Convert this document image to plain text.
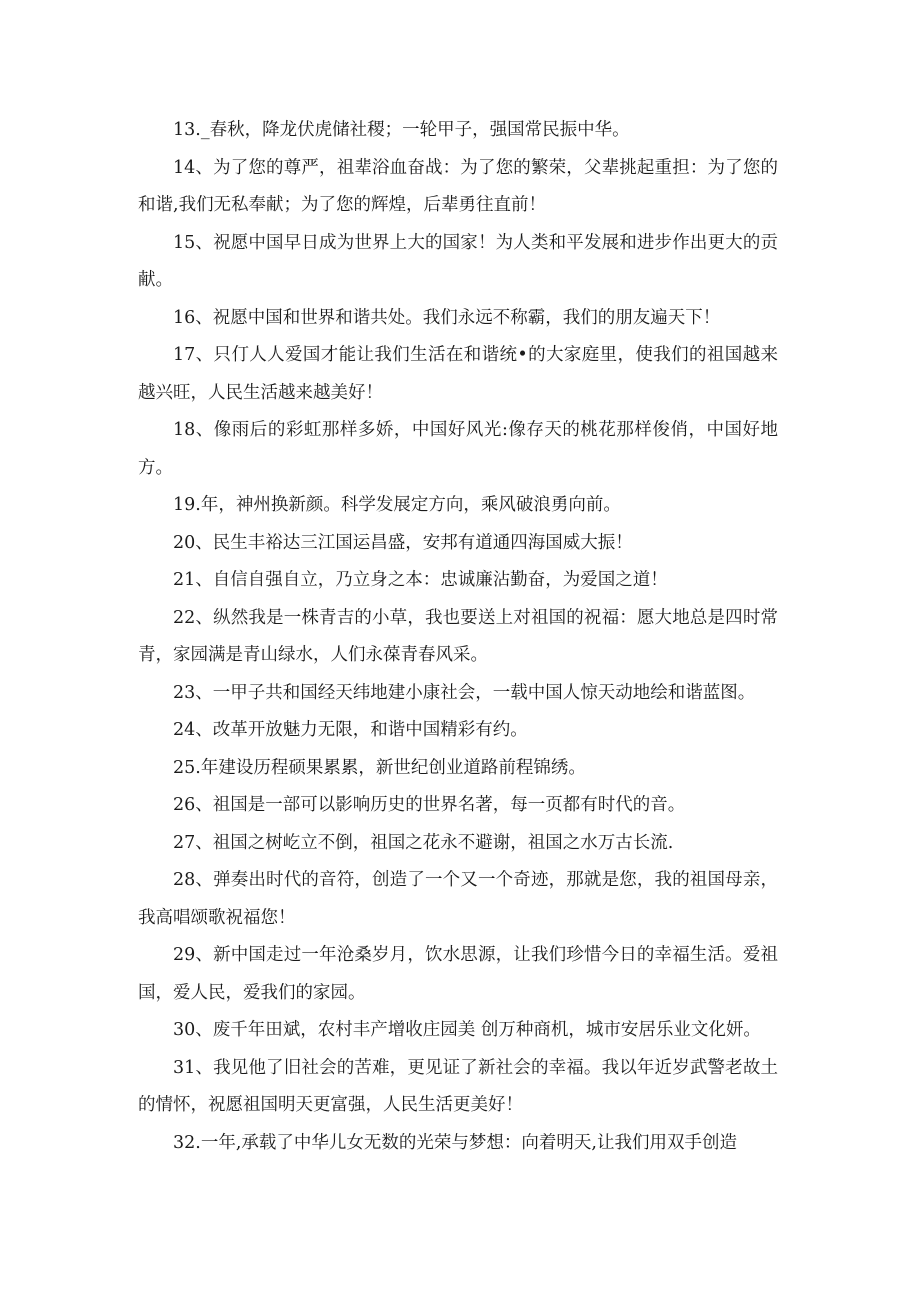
13._春秋，降龙伏虎储社稷；一轮甲子，强国常民振中华。

14、为了您的尊严，祖辈浴血奋战：为了您的繁荣，父辈挑起重担：为了您的和谐,我们无私奉献；为了您的辉煌，后辈勇往直前！

15、祝愿中国早日成为世界上大的国家！为人类和平发展和进步作出更大的贡献。

16、祝愿中国和世界和谐共处。我们永远不称霸，我们的朋友遍天下！

17、只仃人人爱国才能让我们生活在和谐统•的大家庭里，使我们的祖国越来越兴旺，人民生活越来越美好！

18、像雨后的彩虹那样多娇，中国好风光:像存天的桃花那样俊俏，中国好地方。

19.年，神州换新颜。科学发展定方向，乘风破浪勇向前。

20、民生丰裕达三江国运昌盛，安邦有道通四海国威大振！

21、自信自强自立，乃立身之本：忠诚廉沾勤奋，为爱国之道！

22、纵然我是一株青吉的小草，我也要送上对祖国的祝福：愿大地总是四时常青，家园满是青山绿水，人们永葆青春风采。

23、一甲子共和国经天纬地建小康社会，一载中国人惊天动地绘和谐蓝图。

24、改革开放魅力无限，和谐中国精彩有约。

25.年建设历程硕果累累，新世纪创业道路前程锦绣。

26、祖国是一部可以影响历史的世界名著，每一页都有时代的音。

27、祖国之树屹立不倒，祖国之花永不避谢，祖国之水万古长流.

28、弹奏出时代的音符，创造了一个又一个奇迹，那就是您，我的祖国母亲，我高唱颂歌祝福您！

29、新中国走过一年沧桑岁月，饮水思源，让我们珍惜今日的幸福生活。爱祖国，爱人民，爱我们的家园。

30、废千年田斌，农村丰产增收庄园美 创万种商机，城市安居乐业文化妍。

31、我见他了旧社会的苦难，更见证了新社会的幸福。我以年近岁武警老故土的情怀，祝愿祖国明天更富强，人民生活更美好！

32.一年,承载了中华儿女无数的光荣与梦想：向着明天,让我们用双手创造
